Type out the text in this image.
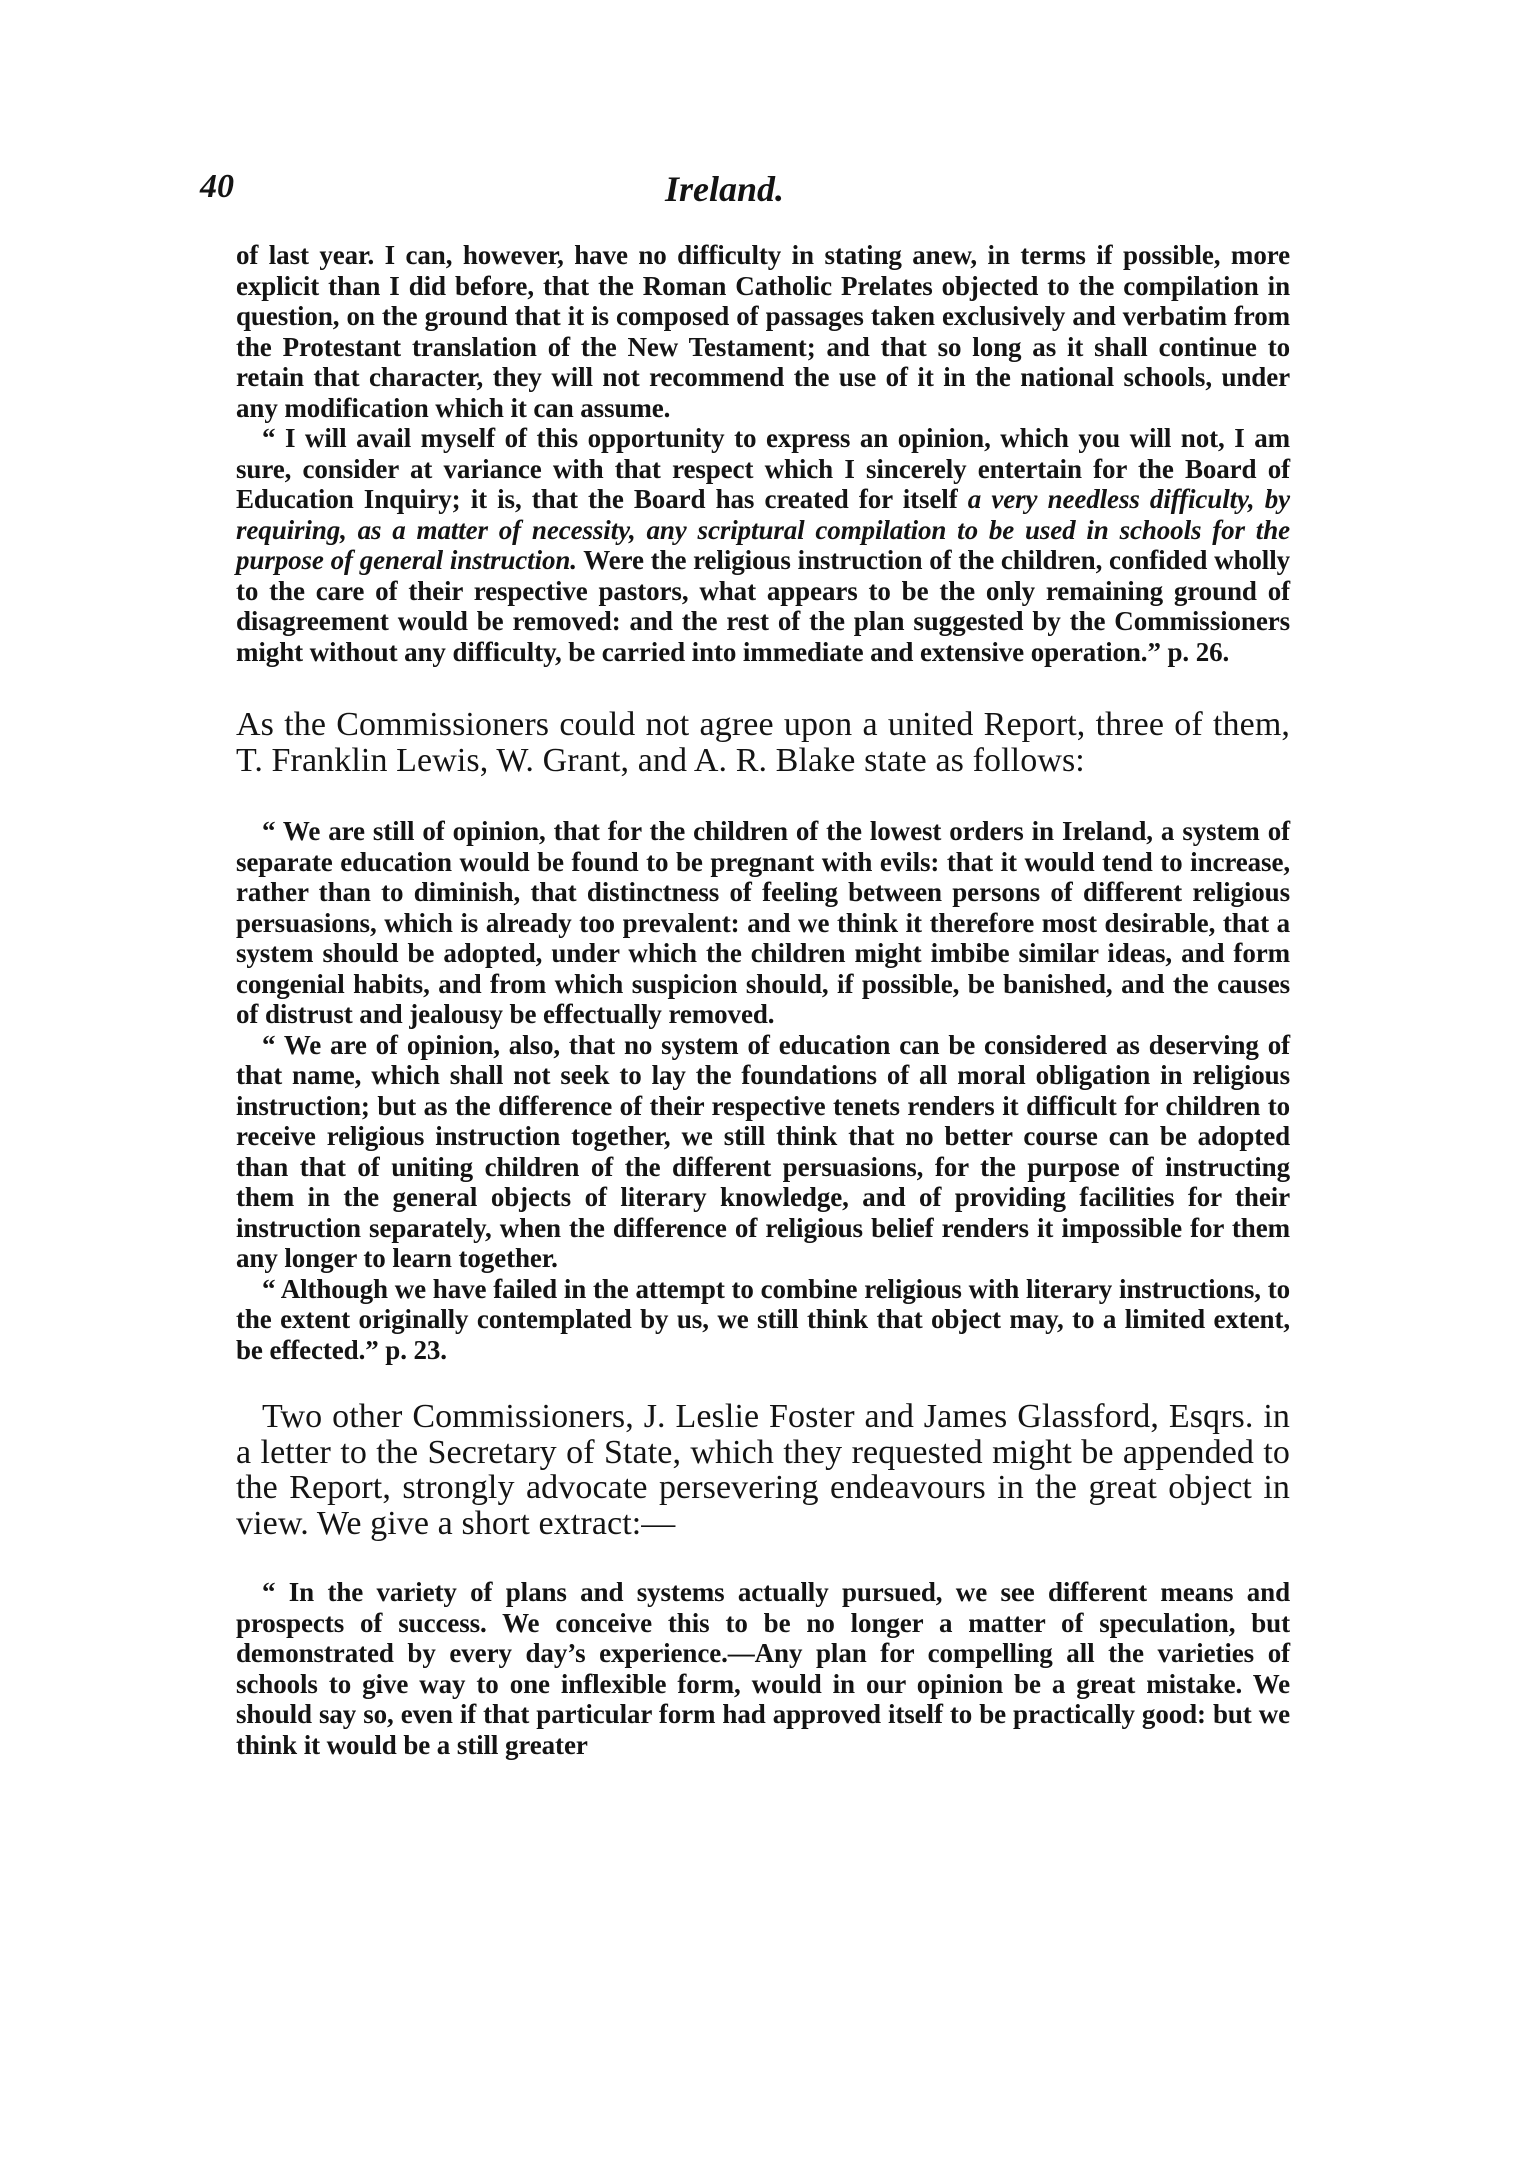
40	Ireland.

of last year. I can, however, have no difficulty in stating anew, in terms if possible, more explicit than I did before, that the Roman Catholic Prelates objected to the compilation in question, on the ground that it is composed of passages taken exclusively and verbatim from the Protestant translation of the New Testament; and that so long as it shall continue to retain that character, they will not recommend the use of it in the national schools, under any modification which it can assume.

“ I will avail myself of this opportunity to express an opinion, which you will not, I am sure, consider at variance with that respect which I sincerely entertain for the Board of Education Inquiry; it is, that the Board has created for itself a very needless difficulty, by requiring, as a matter of necessity, any scriptural compilation to be used in schools for the purpose of general instruction. Were the religious instruction of the children, confided wholly to the care of their respective pastors, what appears to be the only remaining ground of disagreement would be removed: and the rest of the plan suggested by the Commissioners might without any difficulty, be carried into immediate and extensive operation.” p. 26.

As the Commissioners could not agree upon a united Report, three of them, T. Franklin Lewis, W. Grant, and A. R. Blake state as follows:

“ We are still of opinion, that for the children of the lowest orders in Ireland, a system of separate education would be found to be pregnant with evils: that it would tend to increase, rather than to diminish, that distinctness of feeling between persons of different religious persuasions, which is already too prevalent: and we think it therefore most desirable, that a system should be adopted, under which the children might imbibe similar ideas, and form congenial habits, and from which suspicion should, if possible, be banished, and the causes of distrust and jealousy be effectually removed.

“ We are of opinion, also, that no system of education can be considered as deserving of that name, which shall not seek to lay the foundations of all moral obligation in religious instruction; but as the difference of their respective tenets renders it difficult for children to receive religious instruction together, we still think that no better course can be adopted than that of uniting children of the different persuasions, for the purpose of instructing them in the general objects of literary knowledge, and of providing facilities for their instruction separately, when the difference of religious belief renders it impossible for them any longer to learn together.

“ Although we have failed in the attempt to combine religious with literary instructions, to the extent originally contemplated by us, we still think that object may, to a limited extent, be effected.” p. 23.

Two other Commissioners, J. Leslie Foster and James Glassford, Esqrs. in a letter to the Secretary of State, which they requested might be appended to the Report, strongly advocate persevering endeavours in the great object in view. We give a short extract:—

“ In the variety of plans and systems actually pursued, we see different means and prospects of success. We conceive this to be no longer a matter of speculation, but demonstrated by every day’s experience.—Any plan for compelling all the varieties of schools to give way to one inflexible form, would in our opinion be a great mistake. We should say so, even if that particular form had approved itself to be practically good: but we think it would be a still greater
